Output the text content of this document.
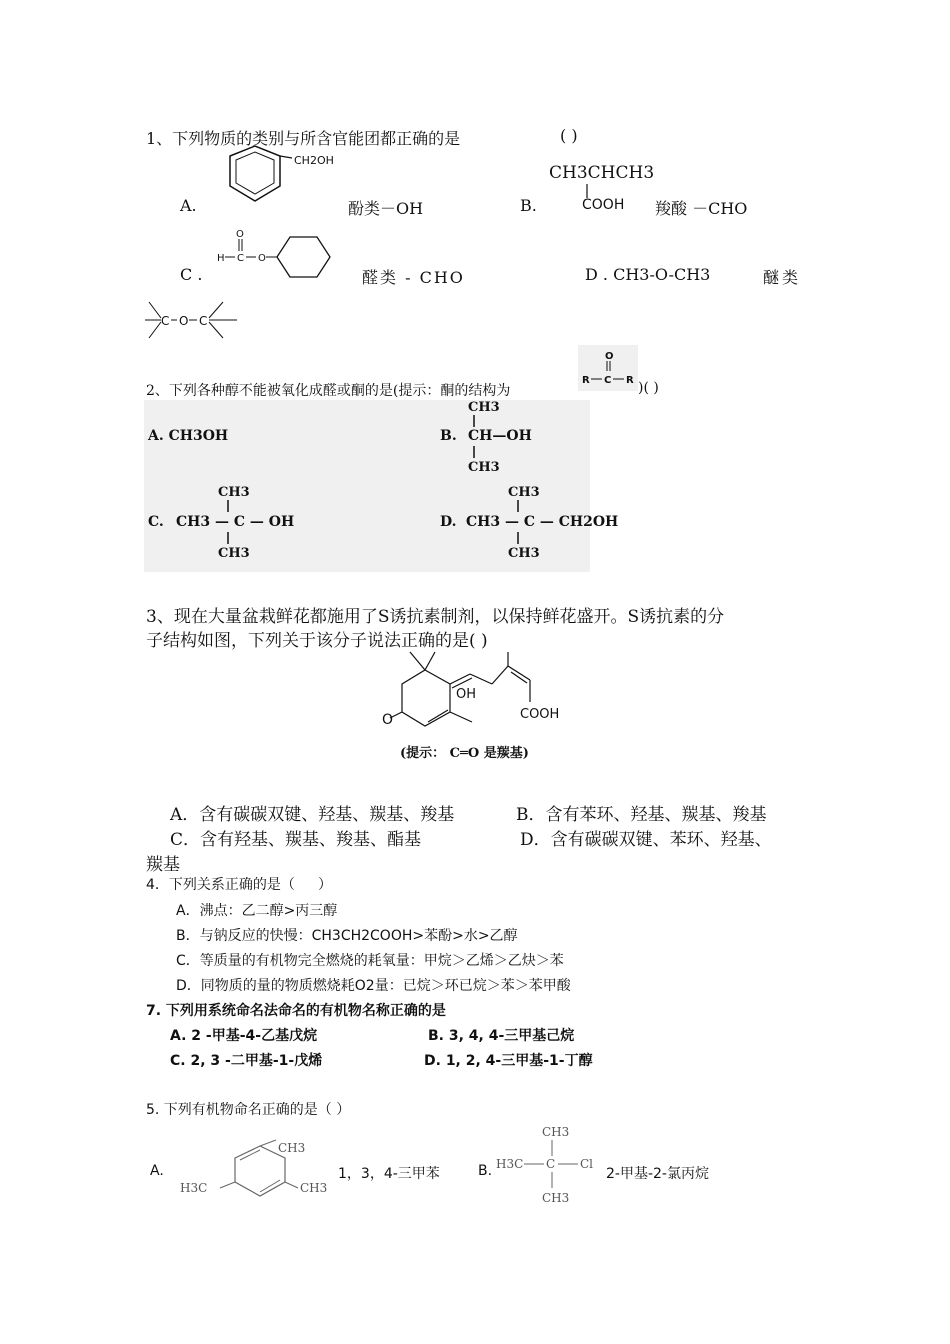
1、下列物质的类别与所含官能团都正确的是	( )
A.
CH2OH
酚类－OH	B.
CH3CHCH3
COOH 羧酸 －CHO
C .
H C
O
O
醛类 - CHO	D . CH3-O-CH3	醚类
C O C
2、下列各种醇不能被氧化成醛或酮的是(提示：酮的结构为
O
R C R )( )
A. CH3OH	B.
CH3
CH—OH
CH3
C.
CH3
CH3 — C — OH
CH3
D.
CH3
CH3 — C — CH2OH
CH3
3、现在大量盆栽鲜花都施用了S诱抗素制剂，以保持鲜花盛开。S诱抗素的分
子结构如图，下列关于该分子说法正确的是( )
O
OH
COOH
(提示： C═O 是羰基)
A．含有碳碳双键、羟基、羰基、羧基	B．含有苯环、羟基、羰基、羧基
C．含有羟基、羰基、羧基、酯基	D．含有碳碳双键、苯环、羟基、
羰基
4．下列关系正确的是（ ）
A．沸点：乙二醇>丙三醇
B．与钠反应的快慢：CH3CH2COOH>苯酚>水>乙醇
C．等质量的有机物完全燃烧的耗氧量：甲烷＞乙烯＞乙炔＞苯
D．同物质的量的物质燃烧耗O2量：已烷＞环已烷＞苯＞苯甲酸
7. 下列用系统命名法命名的有机物名称正确的是
A. 2 -甲基-4-乙基戊烷	B. 3, 4, 4-三甲基己烷
C. 2, 3 -二甲基-1-戊烯	D. 1, 2, 4-三甲基-1-丁醇
5. 下列有机物命名正确的是（ ）
A.
CH3
H3C	CH3
1，3，4-三甲苯	B.
CH3
H3C C Cl
CH3
2-甲基-2-氯丙烷
